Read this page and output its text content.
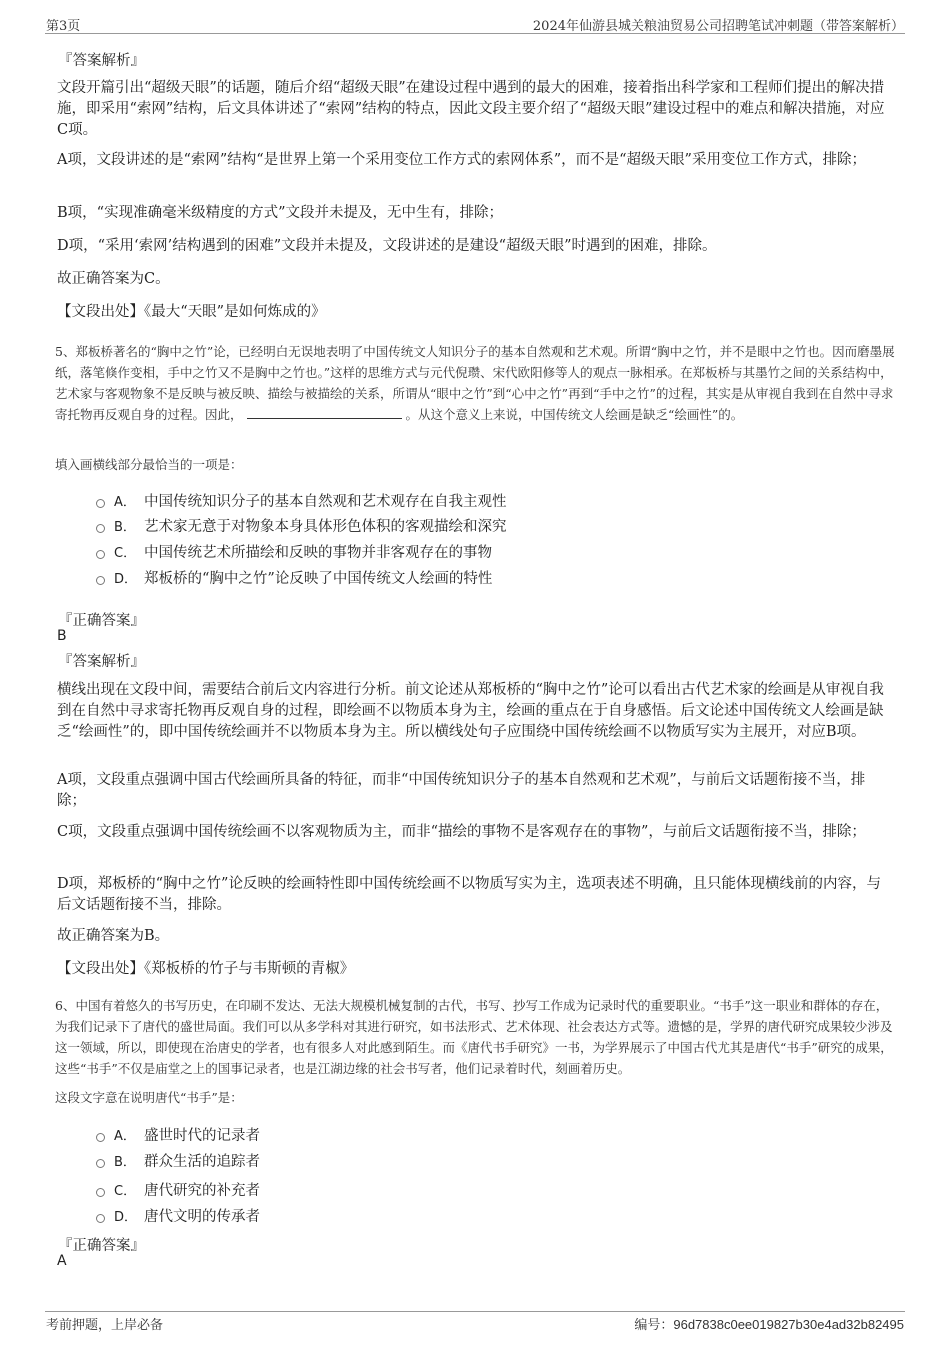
第3页	2024年仙游县城关粮油贸易公司招聘笔试冲刺题（带答案解析）
『答案解析』
文段开篇引出“超级天眼”的话题，随后介绍“超级天眼”在建设过程中遇到的最大的困难，接着指出科学家和工程师们提出的解决措施，即采用“索网”结构，后文具体讲述了“索网”结构的特点，因此文段主要介绍了“超级天眼”建设过程中的难点和解决措施，对应C项。
A项，文段讲述的是“索网”结构“是世界上第一个采用变位工作方式的索网体系”，而不是“超级天眼”采用变位工作方式，排除；
B项，“实现准确毫米级精度的方式”文段并未提及，无中生有，排除；
D项，“采用‘索网’结构遇到的困难”文段并未提及，文段讲述的是建设“超级天眼”时遇到的困难，排除。
故正确答案为C。
【文段出处】《最大“天眼”是如何炼成的》
5、郑板桥著名的“胸中之竹”论，已经明白无误地表明了中国传统文人知识分子的基本自然观和艺术观。所谓“胸中之竹，并不是眼中之竹也。因而磨墨展纸，落笔倏作变相，手中之竹又不是胸中之竹也。”这样的思维方式与元代倪瓒、宋代欧阳修等人的观点一脉相承。在郑板桥与其墨竹之间的关系结构中，艺术家与客观物象不是反映与被反映、描绘与被描绘的关系，所谓从“眼中之竹”到“心中之竹”再到“手中之竹”的过程，其实是从审视自我到在自然中寻求寄托物再反观自身的过程。因此，	。从这个意义上来说，中国传统文人绘画是缺乏“绘画性”的。
填入画横线部分最恰当的一项是：
A． 中国传统知识分子的基本自然观和艺术观存在自我主观性
B． 艺术家无意于对物象本身具体形色体积的客观描绘和深究
C． 中国传统艺术所描绘和反映的事物并非客观存在的事物
D． 郑板桥的“胸中之竹”论反映了中国传统文人绘画的特性
『正确答案』
B
『答案解析』
横线出现在文段中间，需要结合前后文内容进行分析。前文论述从郑板桥的“胸中之竹”论可以看出古代艺术家的绘画是从审视自我到在自然中寻求寄托物再反观自身的过程，即绘画不以物质本身为主，绘画的重点在于自身感悟。后文论述中国传统文人绘画是缺乏“绘画性”的，即中国传统绘画并不以物质本身为主。所以横线处句子应围绕中国传统绘画不以物质写实为主展开，对应B项。
A项，文段重点强调中国古代绘画所具备的特征，而非“中国传统知识分子的基本自然观和艺术观”，与前后文话题衔接不当，排除；
C项，文段重点强调中国传统绘画不以客观物质为主，而非“描绘的事物不是客观存在的事物”，与前后文话题衔接不当，排除；
D项，郑板桥的“胸中之竹”论反映的绘画特性即中国传统绘画不以物质写实为主，选项表述不明确，且只能体现横线前的内容，与后文话题衔接不当，排除。
故正确答案为B。
【文段出处】《郑板桥的竹子与韦斯顿的青椒》
6、中国有着悠久的书写历史，在印刷不发达、无法大规模机械复制的古代，书写、抄写工作成为记录时代的重要职业。“书手”这一职业和群体的存在，为我们记录下了唐代的盛世局面。我们可以从多学科对其进行研究，如书法形式、艺术体现、社会表达方式等。遗憾的是，学界的唐代研究成果较少涉及这一领域，所以，即使现在治唐史的学者，也有很多人对此感到陌生。而《唐代书手研究》一书，为学界展示了中国古代尤其是唐代“书手”研究的成果，这些“书手”不仅是庙堂之上的国事记录者，也是江湖边缘的社会书写者，他们记录着时代，刻画着历史。
这段文字意在说明唐代“书手”是：
A． 盛世时代的记录者
B． 群众生活的追踪者
C． 唐代研究的补充者
D． 唐代文明的传承者
『正确答案』
A
考前押题，上岸必备	编号：96d7838c0ee019827b30e4ad32b82495
